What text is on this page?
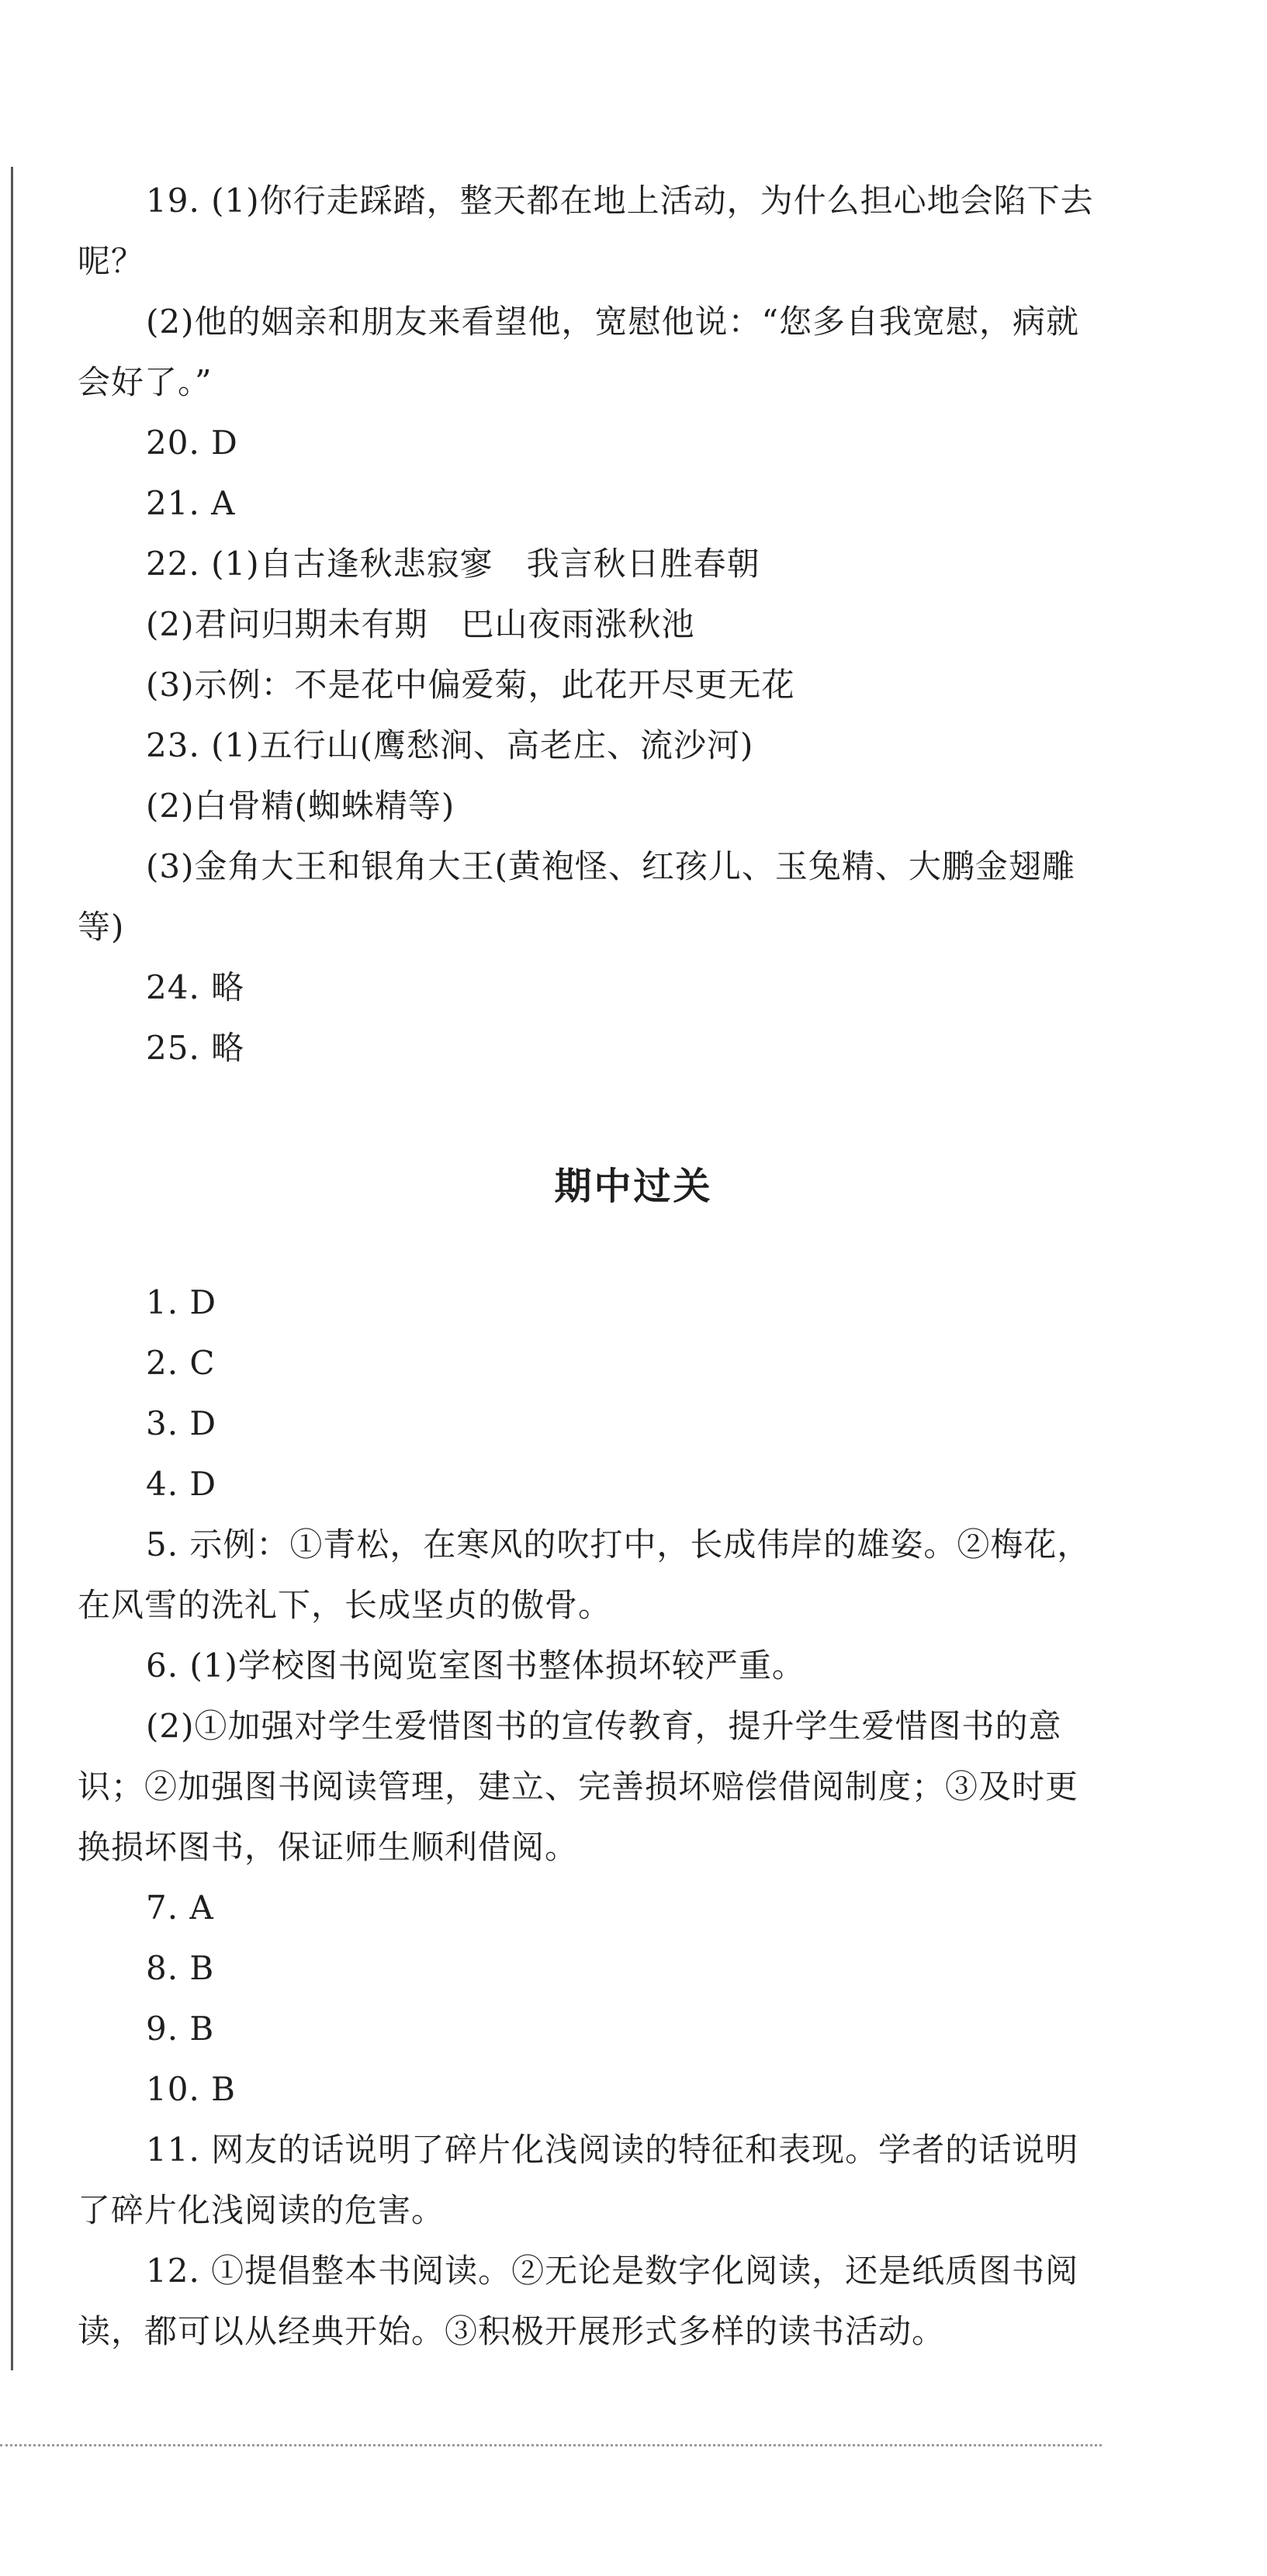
19. (1)你行走踩踏，整天都在地上活动，为什么担心地会陷下去呢？

(2)他的姻亲和朋友来看望他，宽慰他说：“您多自我宽慰，病就会好了。”

20. D

21. A

22. (1)自古逢秋悲寂寥　我言秋日胜春朝

(2)君问归期未有期　巴山夜雨涨秋池

(3)示例：不是花中偏爱菊，此花开尽更无花

23. (1)五行山(鹰愁涧、高老庄、流沙河)

(2)白骨精(蜘蛛精等)

(3)金角大王和银角大王(黄袍怪、红孩儿、玉兔精、大鹏金翅雕等)

24. 略

25. 略

期中过关

1. D

2. C

3. D

4. D

5. 示例：①青松，在寒风的吹打中，长成伟岸的雄姿。②梅花，在风雪的洗礼下，长成坚贞的傲骨。

6. (1)学校图书阅览室图书整体损坏较严重。

(2)①加强对学生爱惜图书的宣传教育，提升学生爱惜图书的意识；②加强图书阅读管理，建立、完善损坏赔偿借阅制度；③及时更换损坏图书，保证师生顺利借阅。

7. A

8. B

9. B

10. B

11. 网友的话说明了碎片化浅阅读的特征和表现。学者的话说明了碎片化浅阅读的危害。

12. ①提倡整本书阅读。②无论是数字化阅读，还是纸质图书阅读，都可以从经典开始。③积极开展形式多样的读书活动。
